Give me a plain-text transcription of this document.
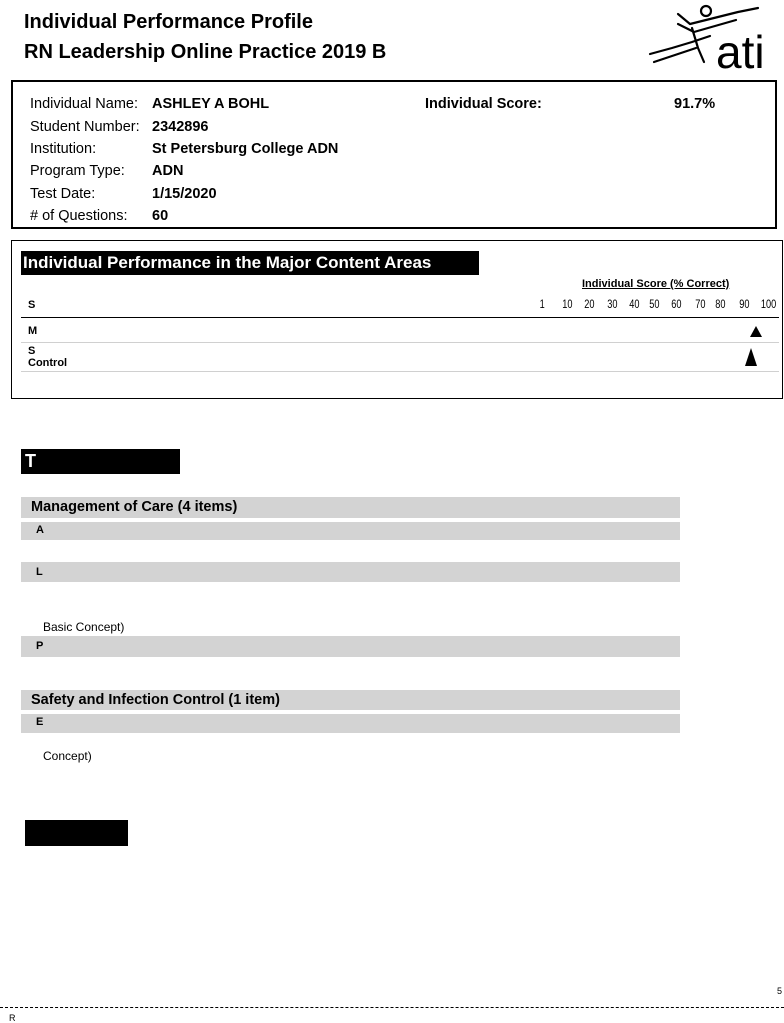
Individual Performance Profile
RN Leadership Online Practice 2019 B	ati
Individual Name: ASHLEY A BOHL	Individual Score:	91.7%
Student Number: 2342896
Institution:	St Petersburg College ADN
Program Type: ADN
Test Date:	1/15/2020
# of Questions: 60
Individual Performance in the Major Content Areas
Individual Score (% Correct)
S	1 10 20 30 40 50 60 70 80 90 100
M
S
Control
T
Management of Care (4 items)
A
L
Basic Concept)
P
Safety and Infection Control (1 item)
E
Concept)
5
R
